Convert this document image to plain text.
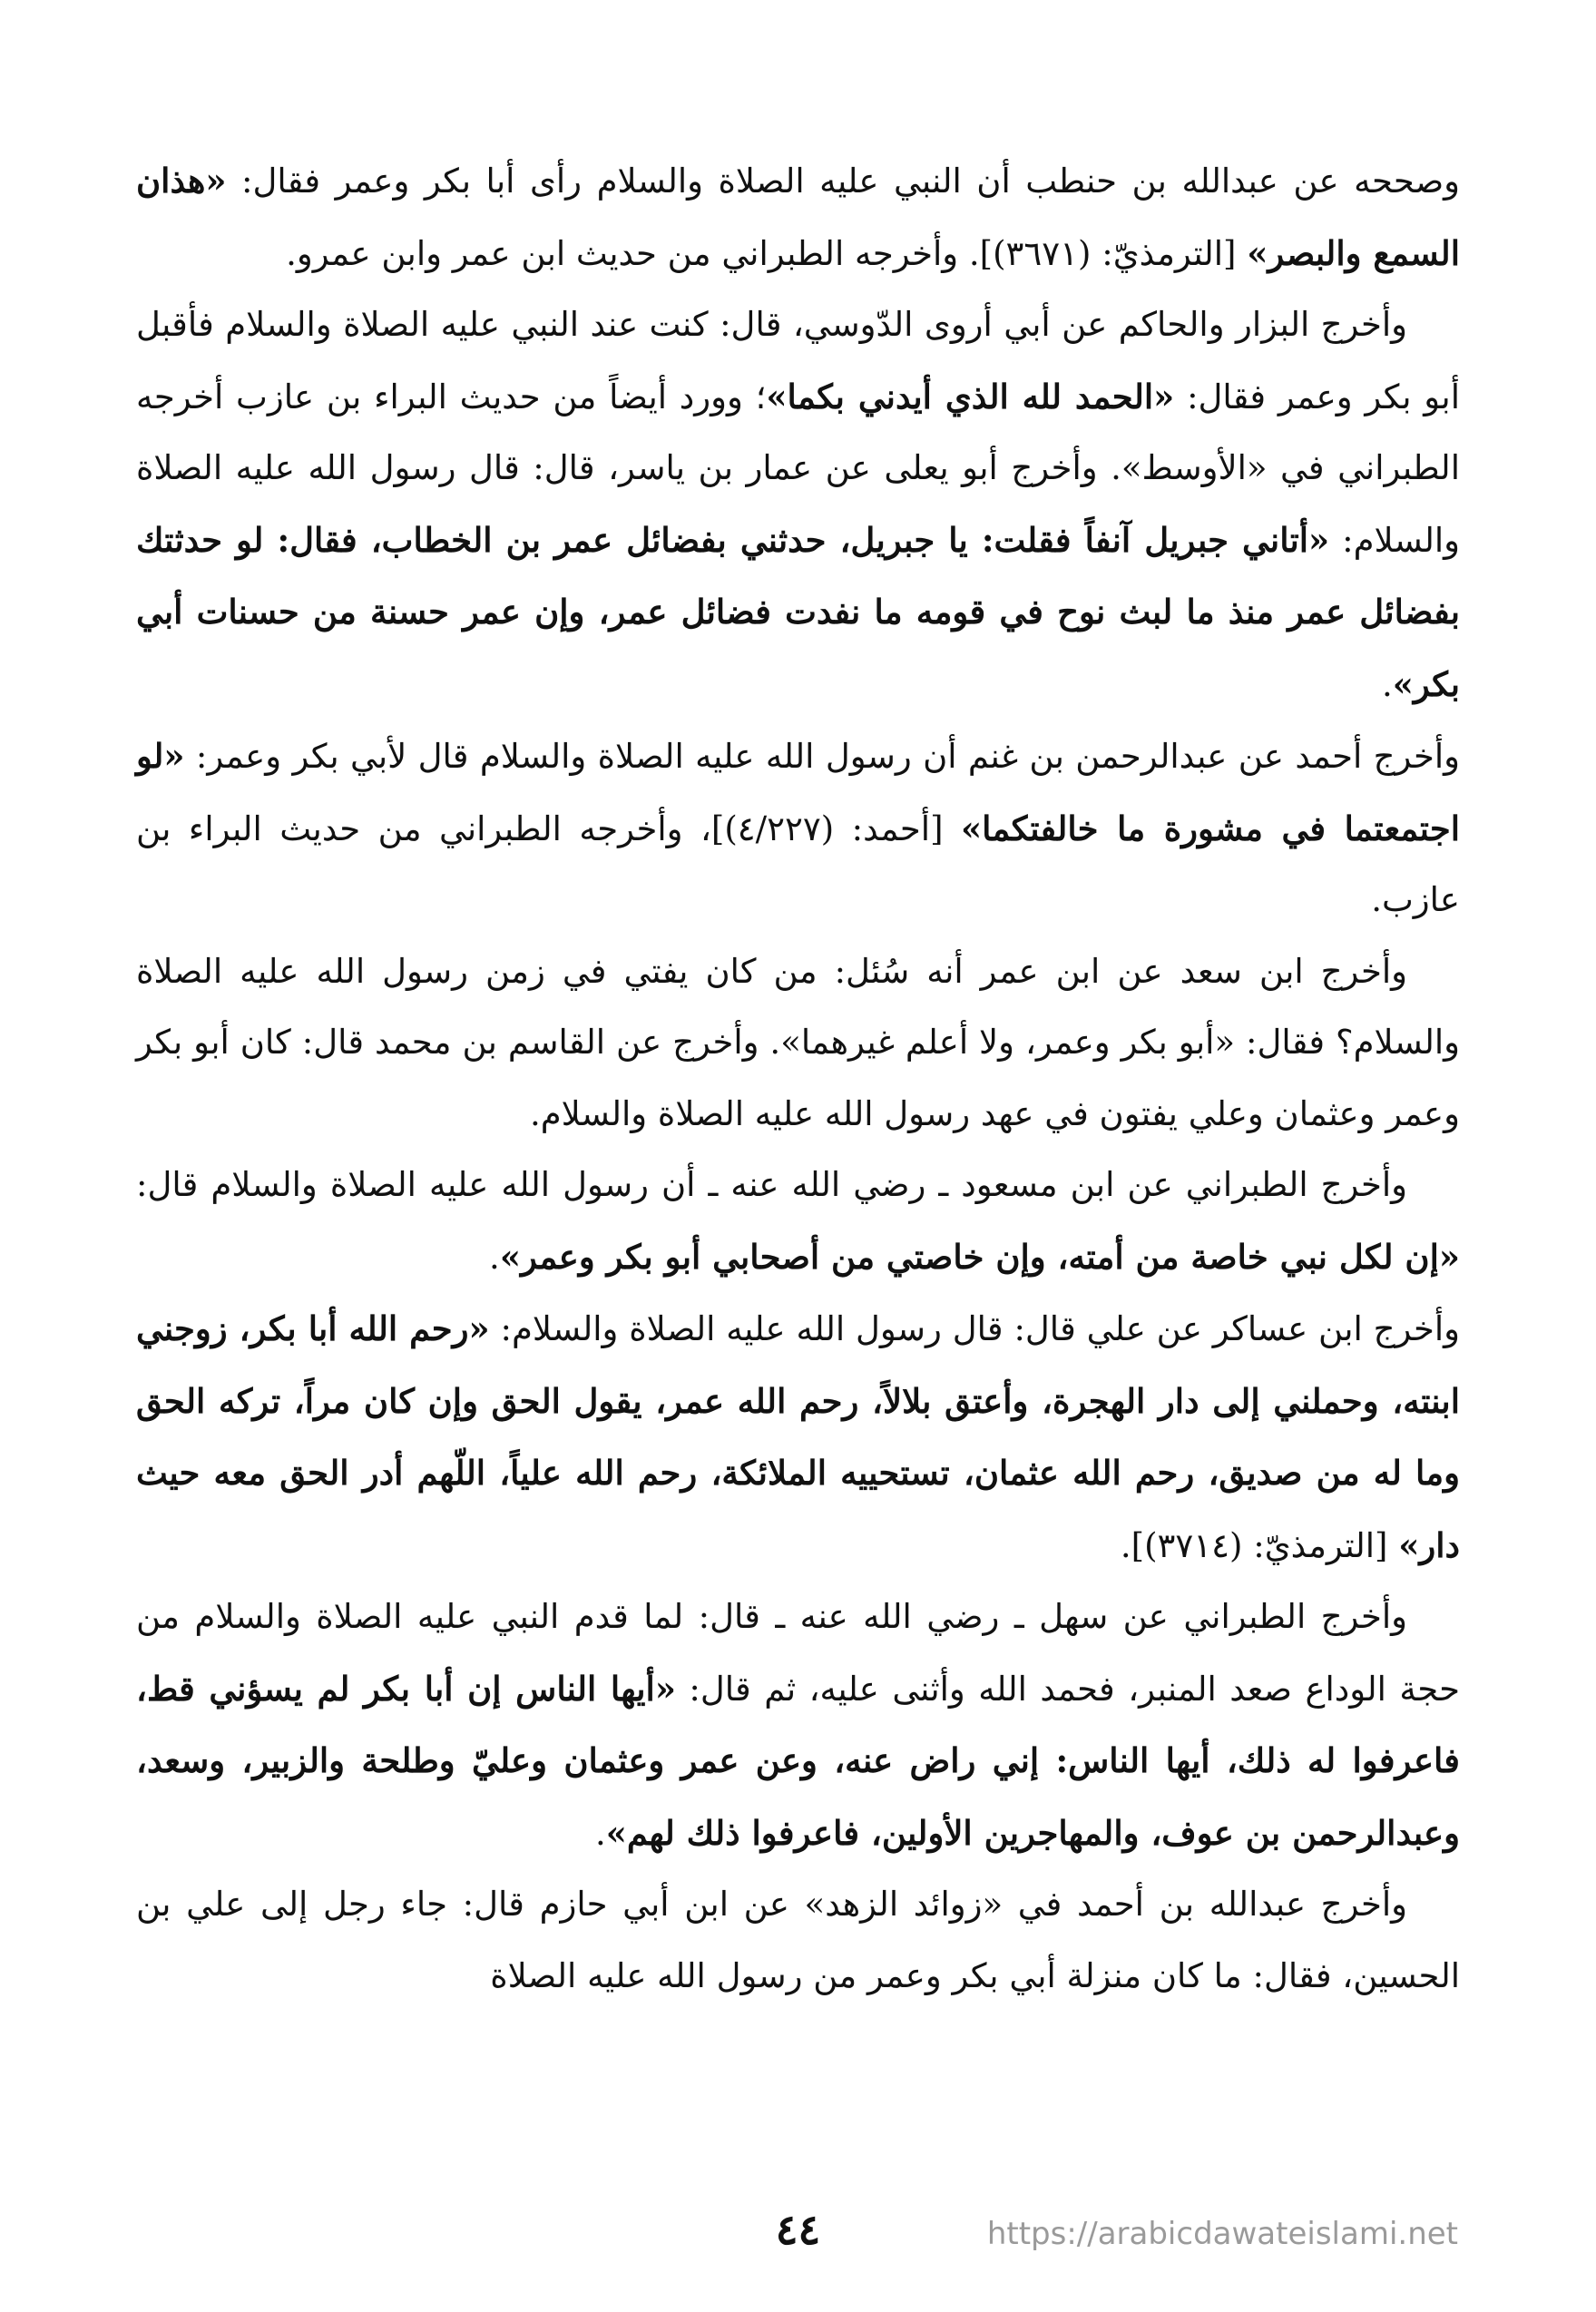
وصححه عن عبدالله بن حنطب أن النبي عليه الصلاة والسلام رأى أبا بكر وعمر فقال: «هذان السمع والبصر» [الترمذيّ: (٣٦٧١)]. وأخرجه الطبراني من حديث ابن عمر وابن عمرو.

وأخرج البزار والحاكم عن أبي أروى الدّوسي، قال: كنت عند النبي عليه الصلاة والسلام فأقبل أبو بكر وعمر فقال: «الحمد لله الذي أيدني بكما»؛ وورد أيضاً من حديث البراء بن عازب أخرجه الطبراني في «الأوسط». وأخرج أبو يعلى عن عمار بن ياسر، قال: قال رسول الله عليه الصلاة والسلام: «أتاني جبريل آنفاً فقلت: يا جبريل، حدثني بفضائل عمر بن الخطاب، فقال: لو حدثتك بفضائل عمر منذ ما لبث نوح في قومه ما نفدت فضائل عمر، وإن عمر حسنة من حسنات أبي بكر».

وأخرج أحمد عن عبدالرحمن بن غنم أن رسول الله عليه الصلاة والسلام قال لأبي بكر وعمر: «لو اجتمعتما في مشورة ما خالفتكما» [أحمد: (٤/٢٢٧)]، وأخرجه الطبراني من حديث البراء بن عازب.

وأخرج ابن سعد عن ابن عمر أنه سُئل: من كان يفتي في زمن رسول الله عليه الصلاة والسلام؟ فقال: «أبو بكر وعمر، ولا أعلم غيرهما». وأخرج عن القاسم بن محمد قال: كان أبو بكر وعمر وعثمان وعلي يفتون في عهد رسول الله عليه الصلاة والسلام.

وأخرج الطبراني عن ابن مسعود ـ رضي الله عنه ـ أن رسول الله عليه الصلاة والسلام قال: «إن لكل نبي خاصة من أمته، وإن خاصتي من أصحابي أبو بكر وعمر».

وأخرج ابن عساكر عن علي قال: قال رسول الله عليه الصلاة والسلام: «رحم الله أبا بكر، زوجني ابنته، وحملني إلى دار الهجرة، وأعتق بلالاً، رحم الله عمر، يقول الحق وإن كان مراً، تركه الحق وما له من صديق، رحم الله عثمان، تستحييه الملائكة، رحم الله علياً، اللّهم أدر الحق معه حيث دار» [الترمذيّ: (٣٧١٤)].

وأخرج الطبراني عن سهل ـ رضي الله عنه ـ قال: لما قدم النبي عليه الصلاة والسلام من حجة الوداع صعد المنبر، فحمد الله وأثنى عليه، ثم قال: «أيها الناس إن أبا بكر لم يسؤني قط، فاعرفوا له ذلك، أيها الناس: إني راض عنه، وعن عمر وعثمان وعليّ وطلحة والزبير، وسعد، وعبدالرحمن بن عوف، والمهاجرين الأولين، فاعرفوا ذلك لهم».

وأخرج عبدالله بن أحمد في «زوائد الزهد» عن ابن أبي حازم قال: جاء رجل إلى علي بن الحسين، فقال: ما كان منزلة أبي بكر وعمر من رسول الله عليه الصلاة

٤٤	https://arabicdawateislami.net
